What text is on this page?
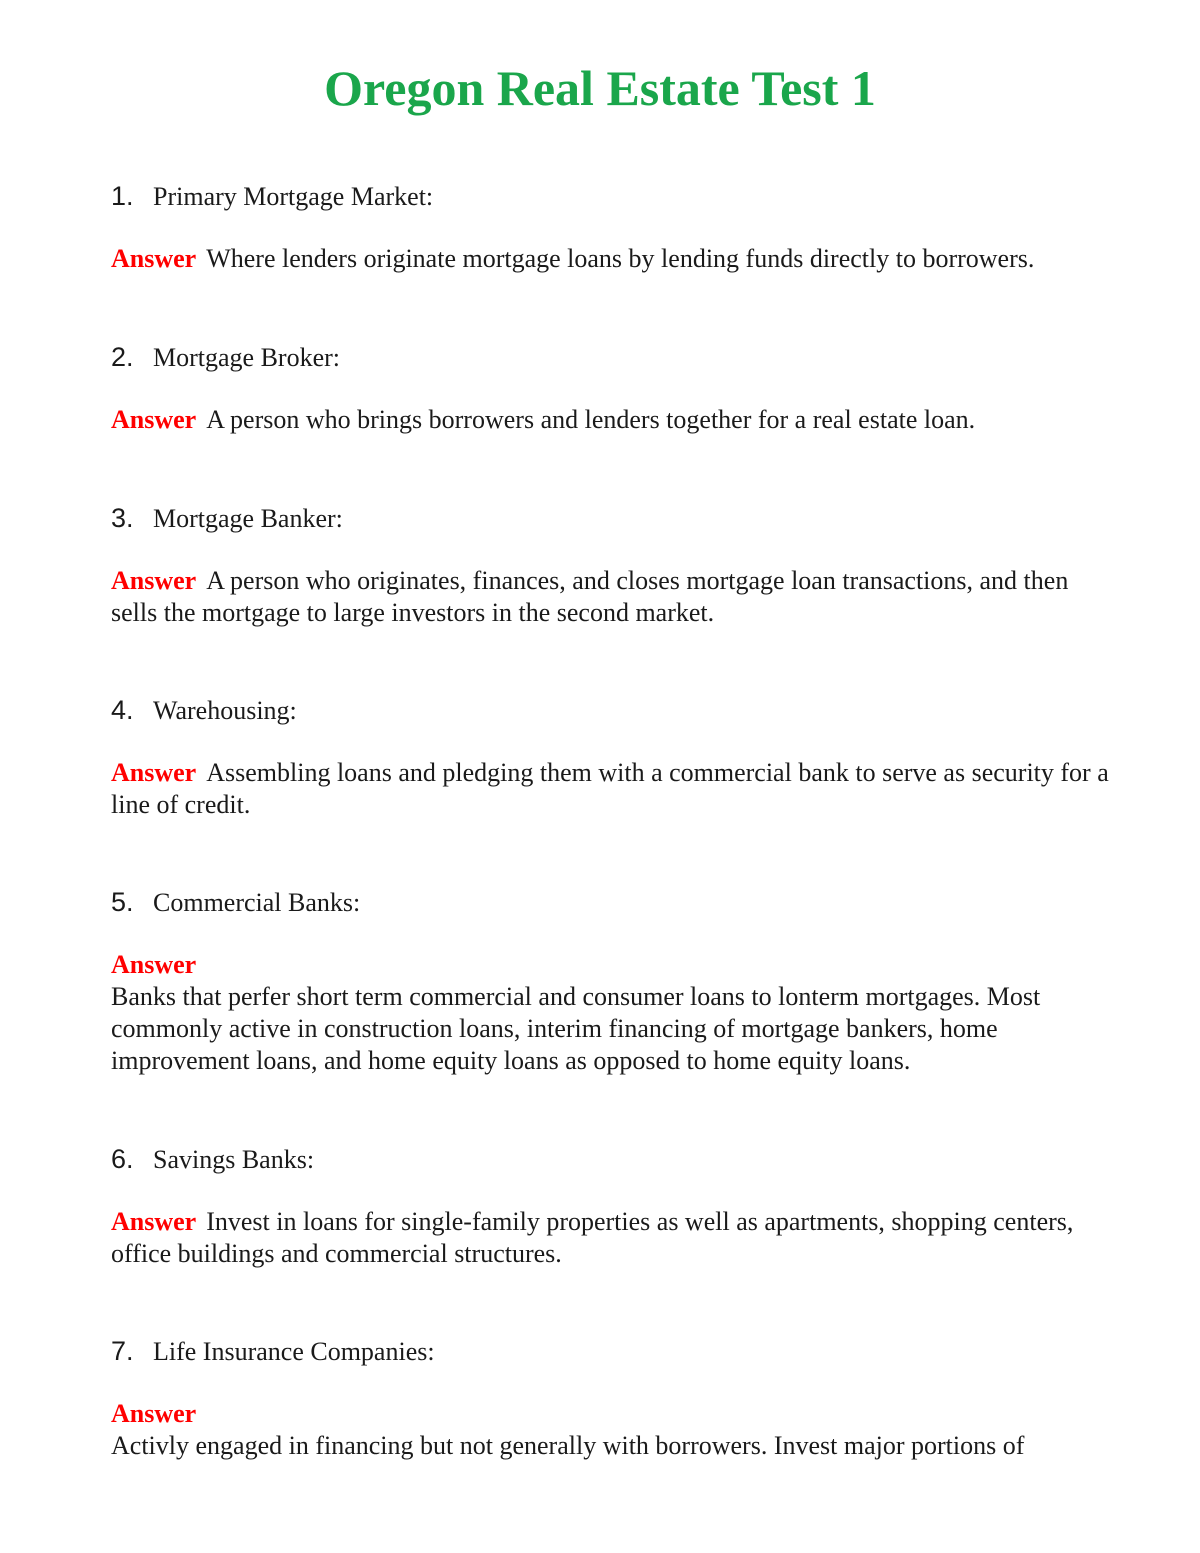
Oregon Real Estate Test 1
1. Primary Mortgage Market:
Answer Where lenders originate mortgage loans by lending funds directly to borrowers.
2. Mortgage Broker:
Answer A person who brings borrowers and lenders together for a real estate loan.
3. Mortgage Banker:
Answer A person who originates, finances, and closes mortgage loan transactions, and then sells the mortgage to large investors in the second market.
4. Warehousing:
Answer Assembling loans and pledging them with a commercial bank to serve as security for a line of credit.
5. Commercial Banks:
Answer
Banks that perfer short term commercial and consumer loans to lonterm mortgages. Most commonly active in construction loans, interim financing of mortgage bankers, home improvement loans, and home equity loans as opposed to home equity loans.
6. Savings Banks:
Answer Invest in loans for single-family properties as well as apartments, shopping centers, office buildings and commercial structures.
7. Life Insurance Companies:
Answer
Activly engaged in financing but not generally with borrowers. Invest major portions of
